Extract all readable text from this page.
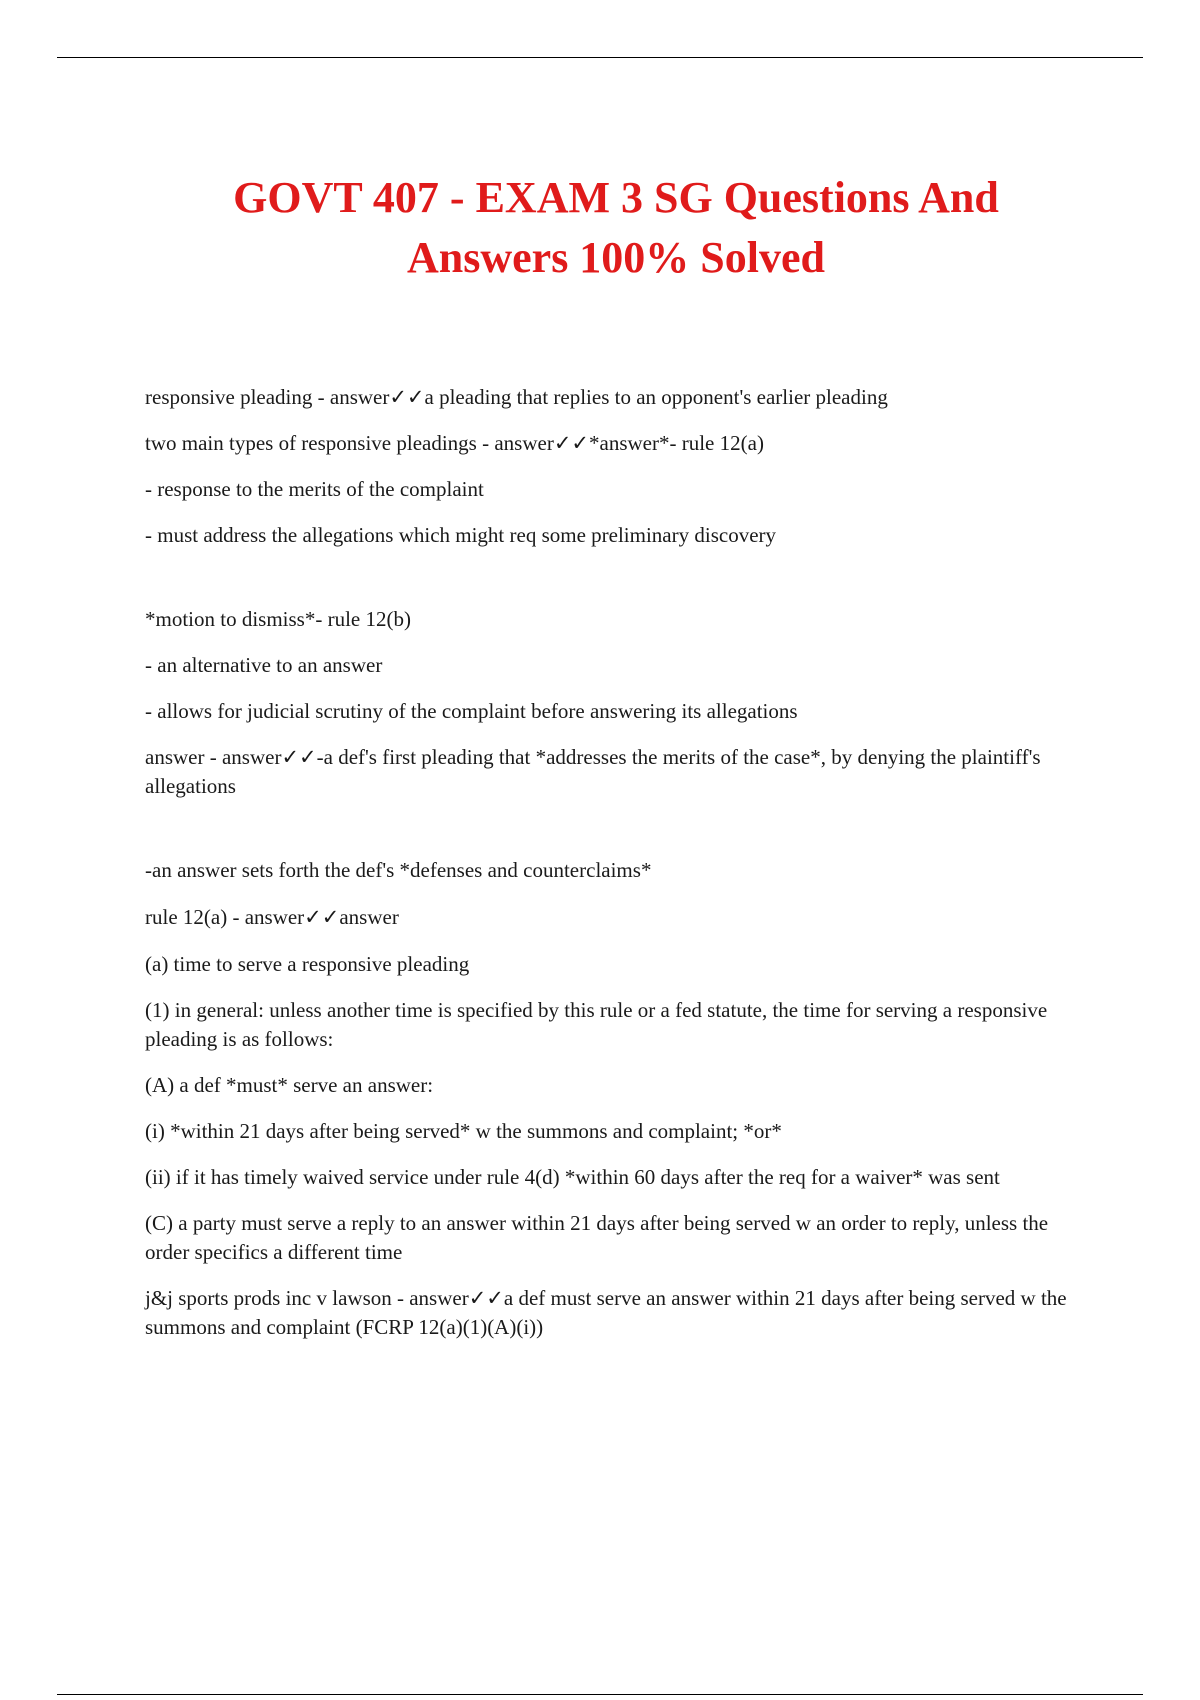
GOVT 407 - EXAM 3 SG Questions And
Answers 100% Solved

responsive pleading - answer✓✓a pleading that replies to an opponent's earlier pleading

two main types of responsive pleadings - answer✓✓*answer*- rule 12(a)

- response to the merits of the complaint

- must address the allegations which might req some preliminary discovery

*motion to dismiss*- rule 12(b)

- an alternative to an answer

- allows for judicial scrutiny of the complaint before answering its allegations

answer - answer✓✓-a def's first pleading that *addresses the merits of the case*, by denying the plaintiff's allegations

-an answer sets forth the def's *defenses and counterclaims*

rule 12(a) - answer✓✓answer

(a) time to serve a responsive pleading

(1) in general: unless another time is specified by this rule or a fed statute, the time for serving a responsive pleading is as follows:

(A) a def *must* serve an answer:

(i) *within 21 days after being served* w the summons and complaint; *or*

(ii) if it has timely waived service under rule 4(d) *within 60 days after the req for a waiver* was sent

(C) a party must serve a reply to an answer within 21 days after being served w an order to reply, unless the order specifics a different time

j&j sports prods inc v lawson - answer✓✓a def must serve an answer within 21 days after being served w the summons and complaint (FCRP 12(a)(1)(A)(i))
